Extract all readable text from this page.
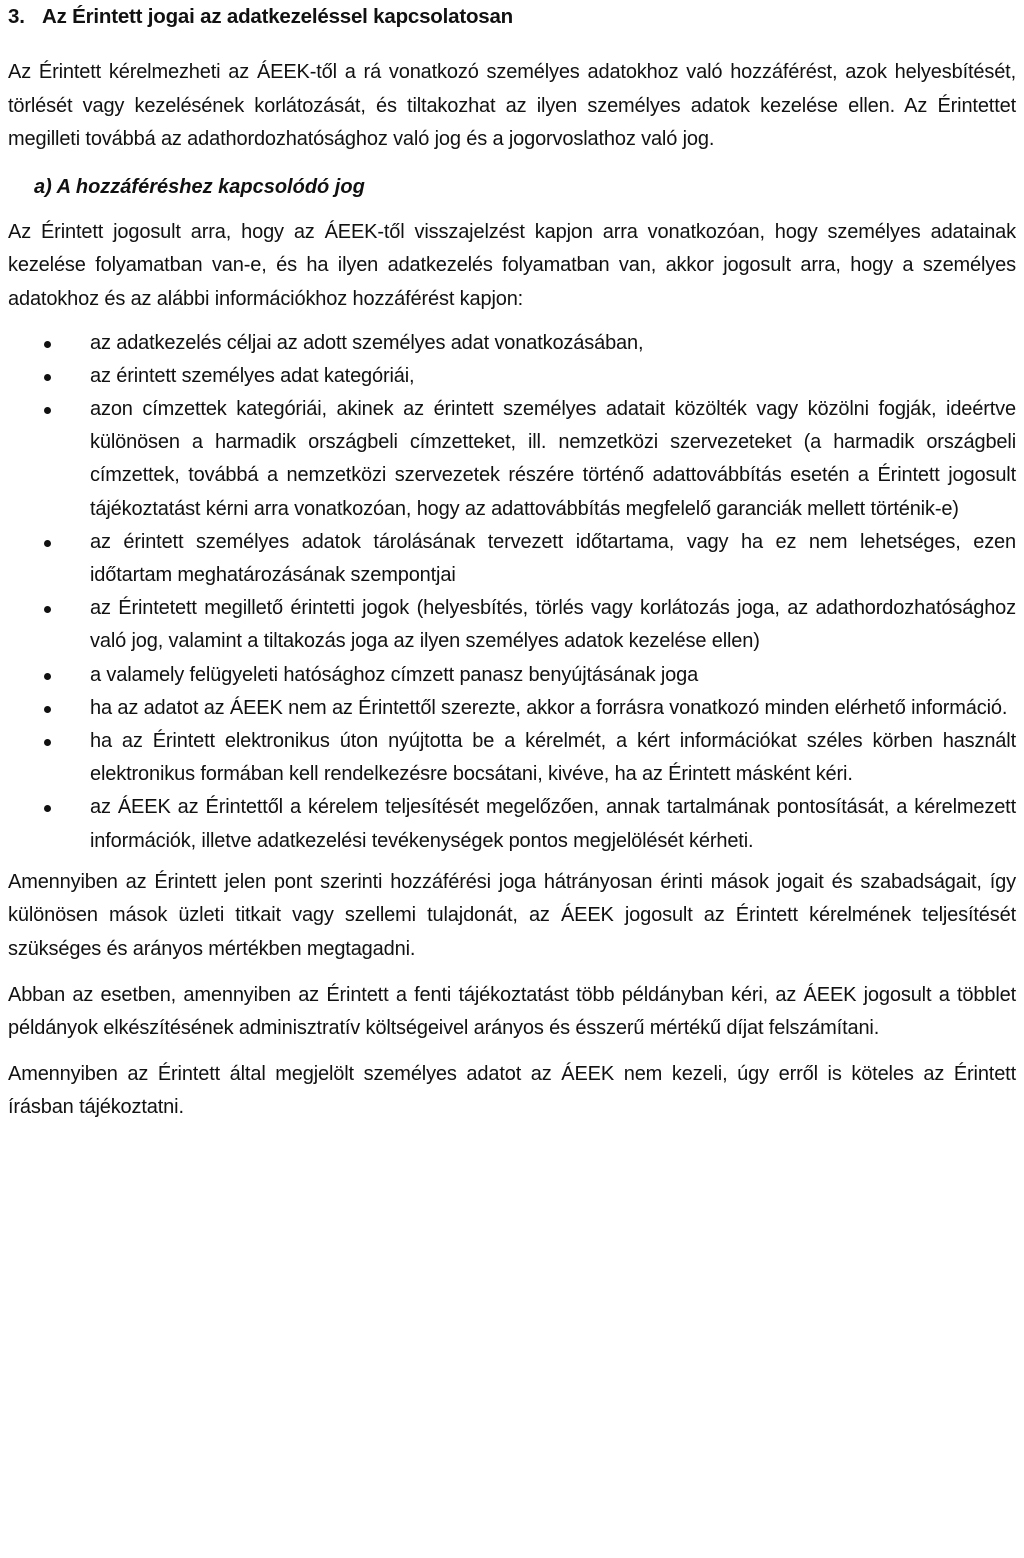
3. Az Érintett jogai az adatkezeléssel kapcsolatosan

Az Érintett kérelmezheti az ÁEEK-től a rá vonatkozó személyes adatokhoz való hozzáférést, azok helyesbítését, törlését vagy kezelésének korlátozását, és tiltakozhat az ilyen személyes adatok kezelése ellen. Az Érintettet megilleti továbbá az adathordozhatósághoz való jog és a jogorvoslathoz való jog.

a) A hozzáféréshez kapcsolódó jog

Az Érintett jogosult arra, hogy az ÁEEK-től visszajelzést kapjon arra vonatkozóan, hogy személyes adatainak kezelése folyamatban van-e, és ha ilyen adatkezelés folyamatban van, akkor jogosult arra, hogy a személyes adatokhoz és az alábbi információkhoz hozzáférést kapjon:

az adatkezelés céljai az adott személyes adat vonatkozásában,
az érintett személyes adat kategóriái,
azon címzettek kategóriái, akinek az érintett személyes adatait közölték vagy közölni fogják, ideértve különösen a harmadik országbeli címzetteket, ill. nemzetközi szervezeteket (a harmadik országbeli címzettek, továbbá a nemzetközi szervezetek részére történő adattovábbítás esetén a Érintett jogosult tájékoztatást kérni arra vonatkozóan, hogy az adattovábbítás megfelelő garanciák mellett történik-e)
az érintett személyes adatok tárolásának tervezett időtartama, vagy ha ez nem lehetséges, ezen időtartam meghatározásának szempontjai
az Érintetett megillető érintetti jogok (helyesbítés, törlés vagy korlátozás joga, az adathordozhatósághoz való jog, valamint a tiltakozás joga az ilyen személyes adatok kezelése ellen)
a valamely felügyeleti hatósághoz címzett panasz benyújtásának joga
ha az adatot az ÁEEK nem az Érintettől szerezte, akkor a forrásra vonatkozó minden elérhető információ.
ha az Érintett elektronikus úton nyújtotta be a kérelmét, a kért információkat széles körben használt elektronikus formában kell rendelkezésre bocsátani, kivéve, ha az Érintett másként kéri.
az ÁEEK az Érintettől a kérelem teljesítését megelőzően, annak tartalmának pontosítását, a kérelmezett információk, illetve adatkezelési tevékenységek pontos megjelölését kérheti.

Amennyiben az Érintett jelen pont szerinti hozzáférési joga hátrányosan érinti mások jogait és szabadságait, így különösen mások üzleti titkait vagy szellemi tulajdonát, az ÁEEK jogosult az Érintett kérelmének teljesítését szükséges és arányos mértékben megtagadni.

Abban az esetben, amennyiben az Érintett a fenti tájékoztatást több példányban kéri, az ÁEEK jogosult a többlet példányok elkészítésének adminisztratív költségeivel arányos és ésszerű mértékű díjat felszámítani.

Amennyiben az Érintett által megjelölt személyes adatot az ÁEEK nem kezeli, úgy erről is köteles az Érintett írásban tájékoztatni.
